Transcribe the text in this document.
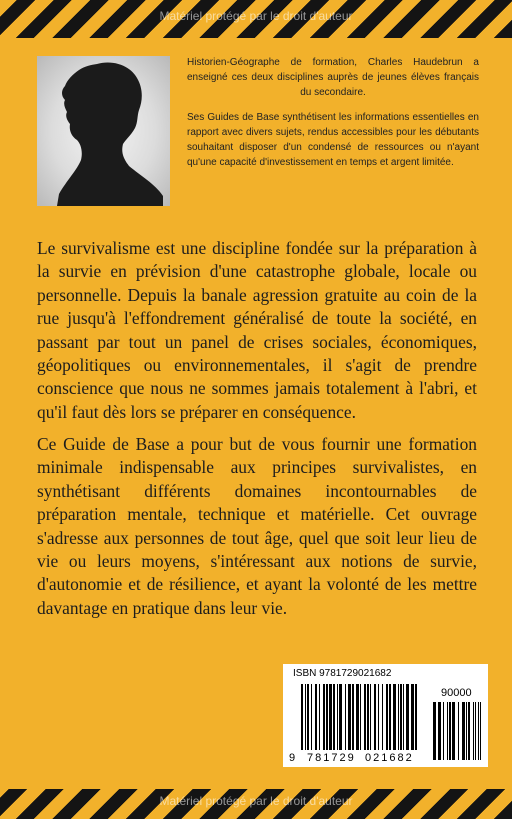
Matériel protégé par le droit d'auteur

Historien-Géographe de formation, Charles Haudebrun a enseigné ces deux disciplines auprès de jeunes élèves français du secondaire.

Ses Guides de Base synthétisent les informations essentielles en rapport avec divers sujets, rendus accessibles pour les débutants souhaitant disposer d'un condensé de ressources ou n'ayant qu'une capacité d'investissement en temps et argent limitée.

Le survivalisme est une discipline fondée sur la préparation à la survie en prévision d'une catastrophe globale, locale ou personnelle. Depuis la banale agression gratuite au coin de la rue jusqu'à l'effondrement généralisé de toute la société, en passant par tout un panel de crises sociales, économiques, géopolitiques ou environnementales, il s'agit de prendre conscience que nous ne sommes jamais totalement à l'abri, et qu'il faut dès lors se préparer en conséquence.

Ce Guide de Base a pour but de vous fournir une formation minimale indispensable aux principes survivalistes, en synthétisant différents domaines incontournables de préparation mentale, technique et matérielle. Cet ouvrage s'adresse aux personnes de tout âge, quel que soit leur lieu de vie ou leurs moyens, s'intéressant aux notions de survie, d'autonomie et de résilience, et ayant la volonté de les mettre davantage en pratique dans leur vie.

ISBN 9781729021682
90000
9 781729 021682
Matériel protégé par le droit d'auteur
